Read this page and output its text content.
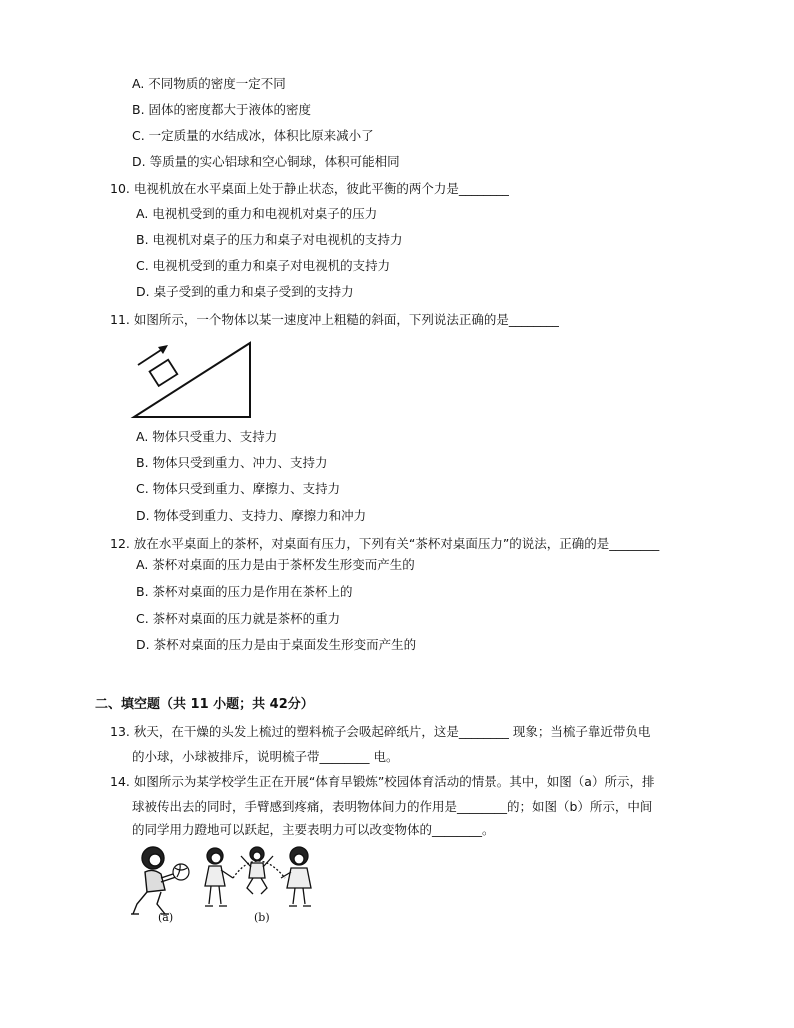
A. 不同物质的密度一定不同
B. 固体的密度都大于液体的密度
C. 一定质量的水结成冰，体积比原来减小了
D. 等质量的实心铝球和空心铜球，体积可能相同
10. 电视机放在水平桌面上处于静止状态，彼此平衡的两个力是________
A. 电视机受到的重力和电视机对桌子的压力
B. 电视机对桌子的压力和桌子对电视机的支持力
C. 电视机受到的重力和桌子对电视机的支持力
D. 桌子受到的重力和桌子受到的支持力
11. 如图所示，一个物体以某一速度冲上粗糙的斜面，下列说法正确的是________
A. 物体只受重力、支持力
B. 物体只受到重力、冲力、支持力
C. 物体只受到重力、摩擦力、支持力
D. 物体受到重力、支持力、摩擦力和冲力
12. 放在水平桌面上的茶杯，对桌面有压力，下列有关“茶杯对桌面压力”的说法，正确的是________
A. 茶杯对桌面的压力是由于茶杯发生形变而产生的
B. 茶杯对桌面的压力是作用在茶杯上的
C. 茶杯对桌面的压力就是茶杯的重力
D. 茶杯对桌面的压力是由于桌面发生形变而产生的
二、填空题（共 11 小题；共 42分）
13. 秋天，在干燥的头发上梳过的塑料梳子会吸起碎纸片，这是________ 现象；当梳子靠近带负电
的小球，小球被排斥，说明梳子带________ 电。
14. 如图所示为某学校学生正在开展“体育早锻炼”校园体育活动的情景。其中，如图（a）所示，排
球被传出去的同时，手臂感到疼痛，表明物体间力的作用是________的；如图（b）所示，中间
的同学用力蹬地可以跃起，主要表明力可以改变物体的________。
(a)	(b)
